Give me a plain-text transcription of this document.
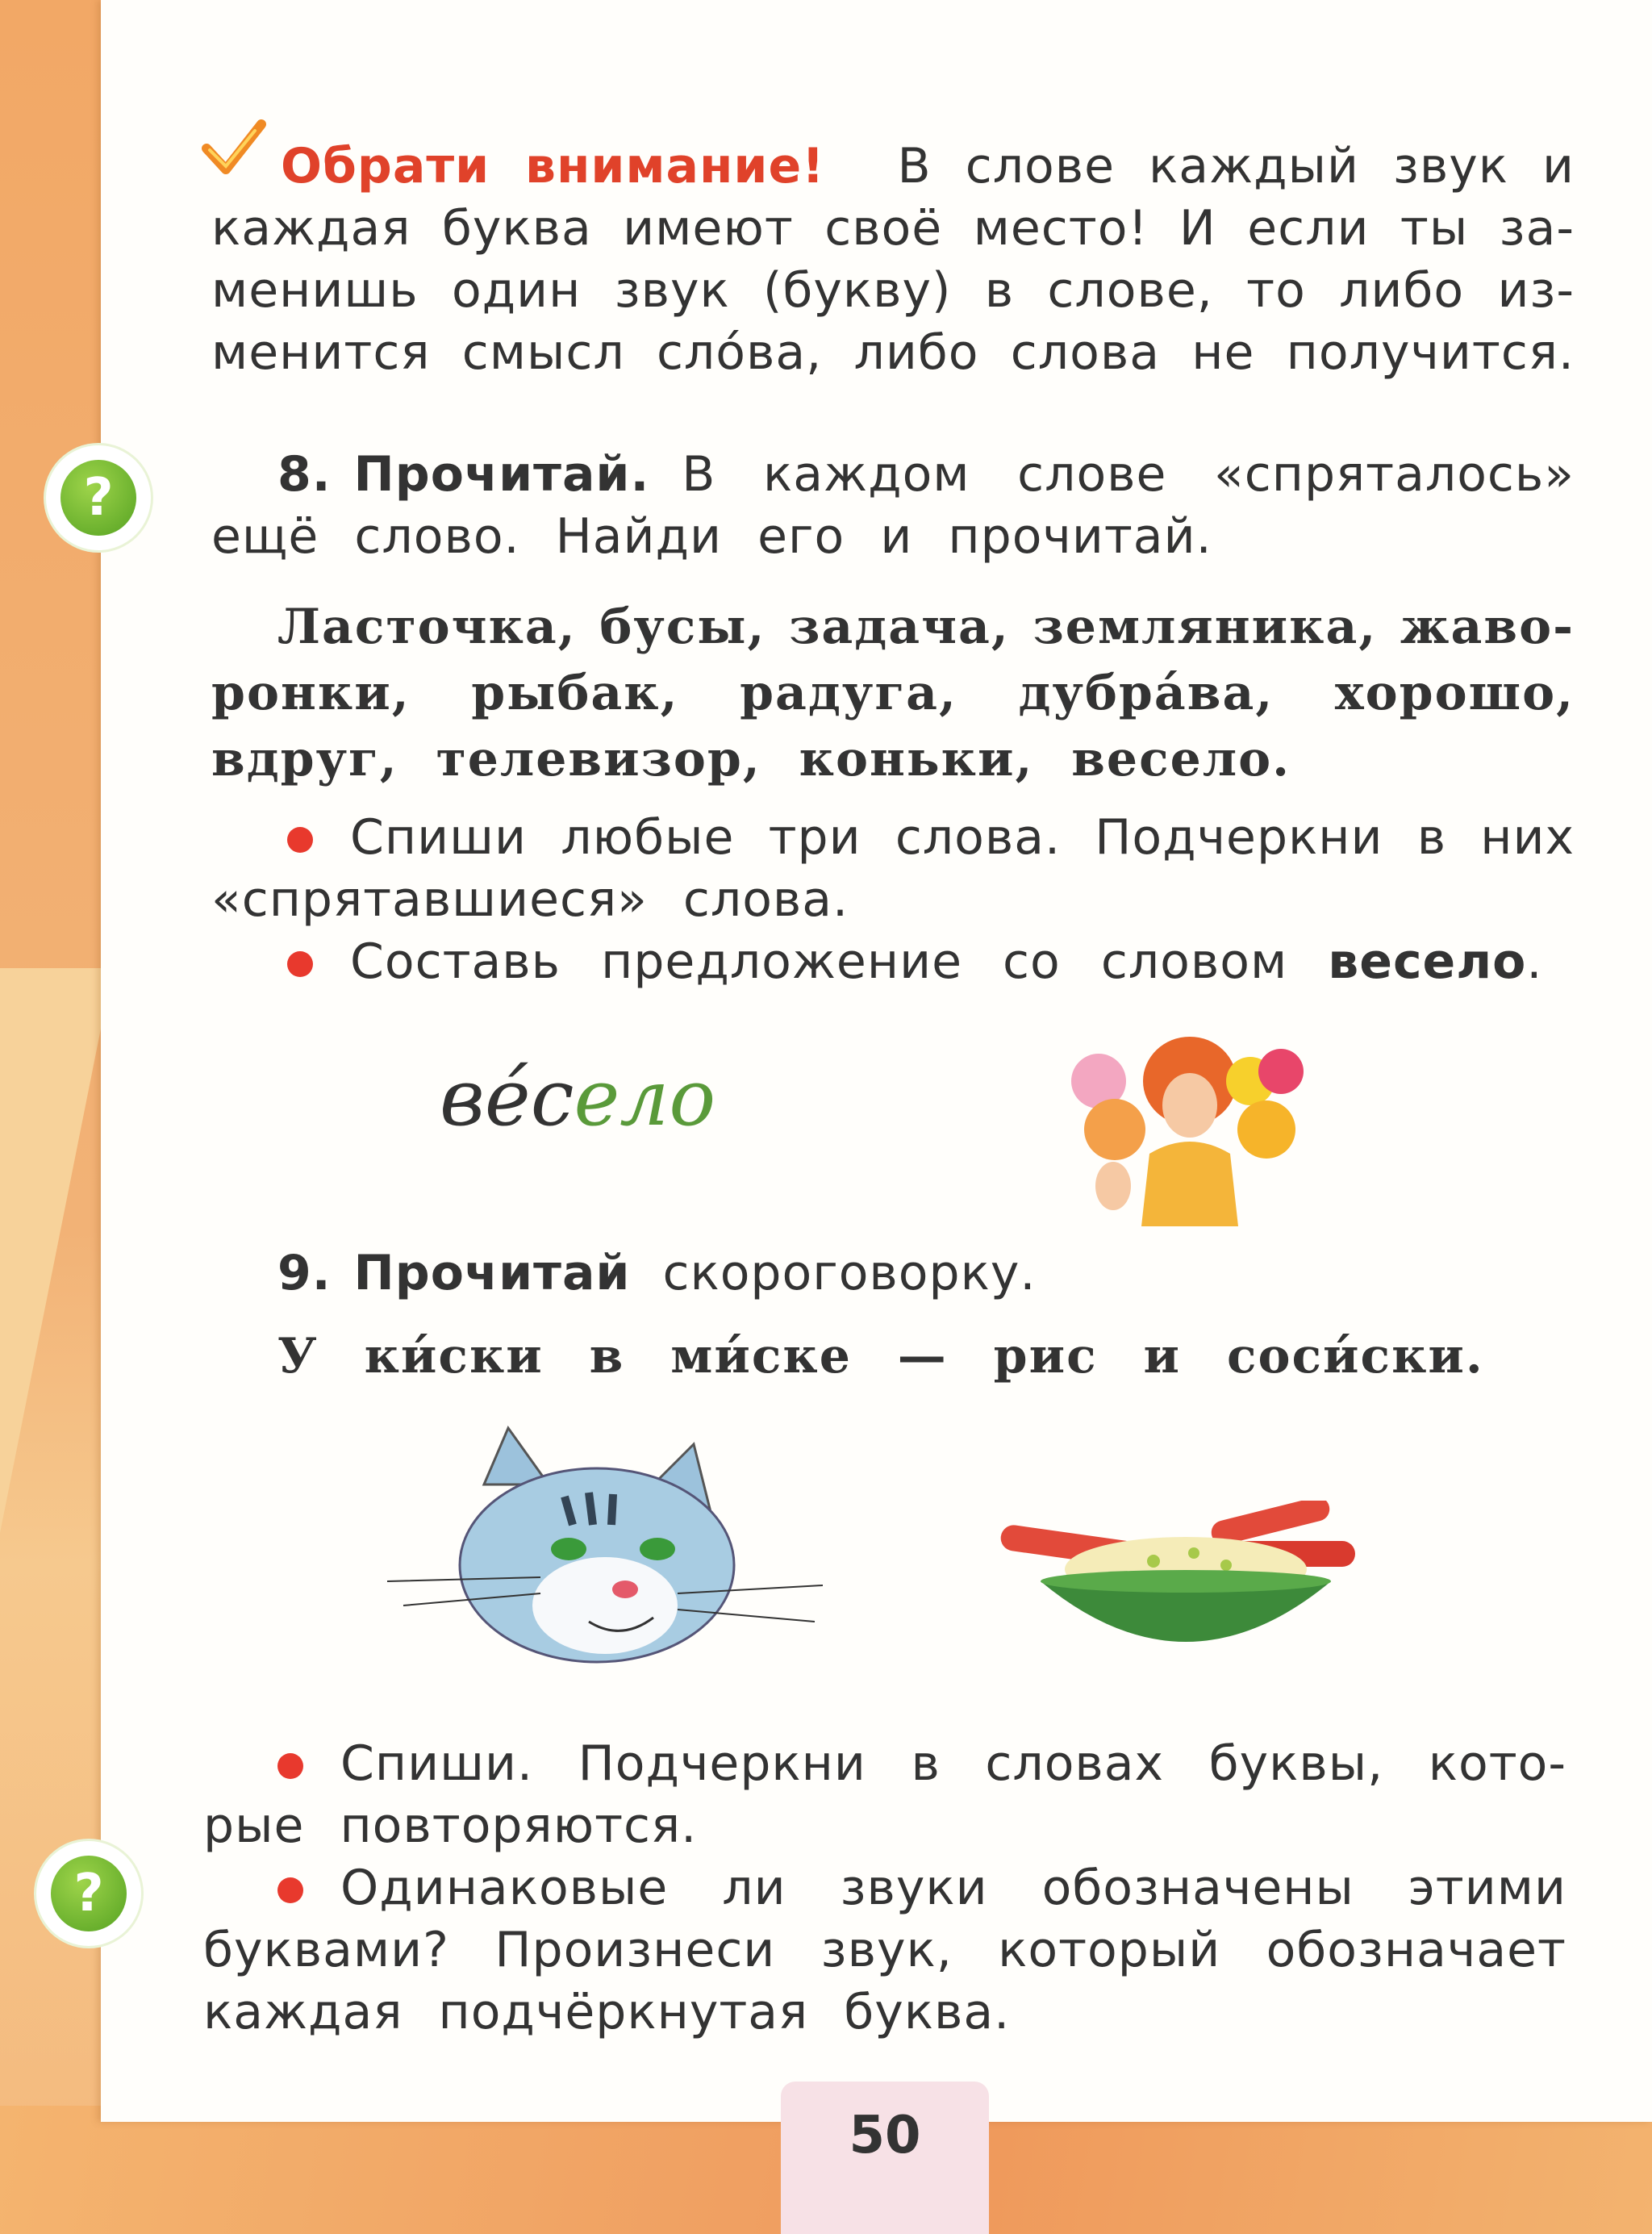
Обрати внимание! В слове каждый звук и
каждая буква имеют своё место! И если ты за-
менишь один звук (букву) в слове, то либо из-
менится смысл сло́ва, либо слова не получится.
?	8. Прочитай. В каждом слове «спряталось»
ещё слово. Найди его и прочитай.
Ласточка, бусы, задача, земляника, жаво-
ронки, рыбак, радуга, дубра́ва, хорошо,
вдруг, телевизор, коньки, весело.
Спиши любые три слова. Подчеркни в них
«спрятавшиеся» слова.
Составь предложение со словом весело.
ве́село
9. Прочитай скороговорку.
У ки́ски в ми́ске — рис и соси́ски.
?
Спиши. Подчеркни в словах буквы, кото-
рые повторяются.
Одинаковые ли звуки обозначены этими
буквами? Произнеси звук, который обозначает
каждая подчёркнутая буква.
50
